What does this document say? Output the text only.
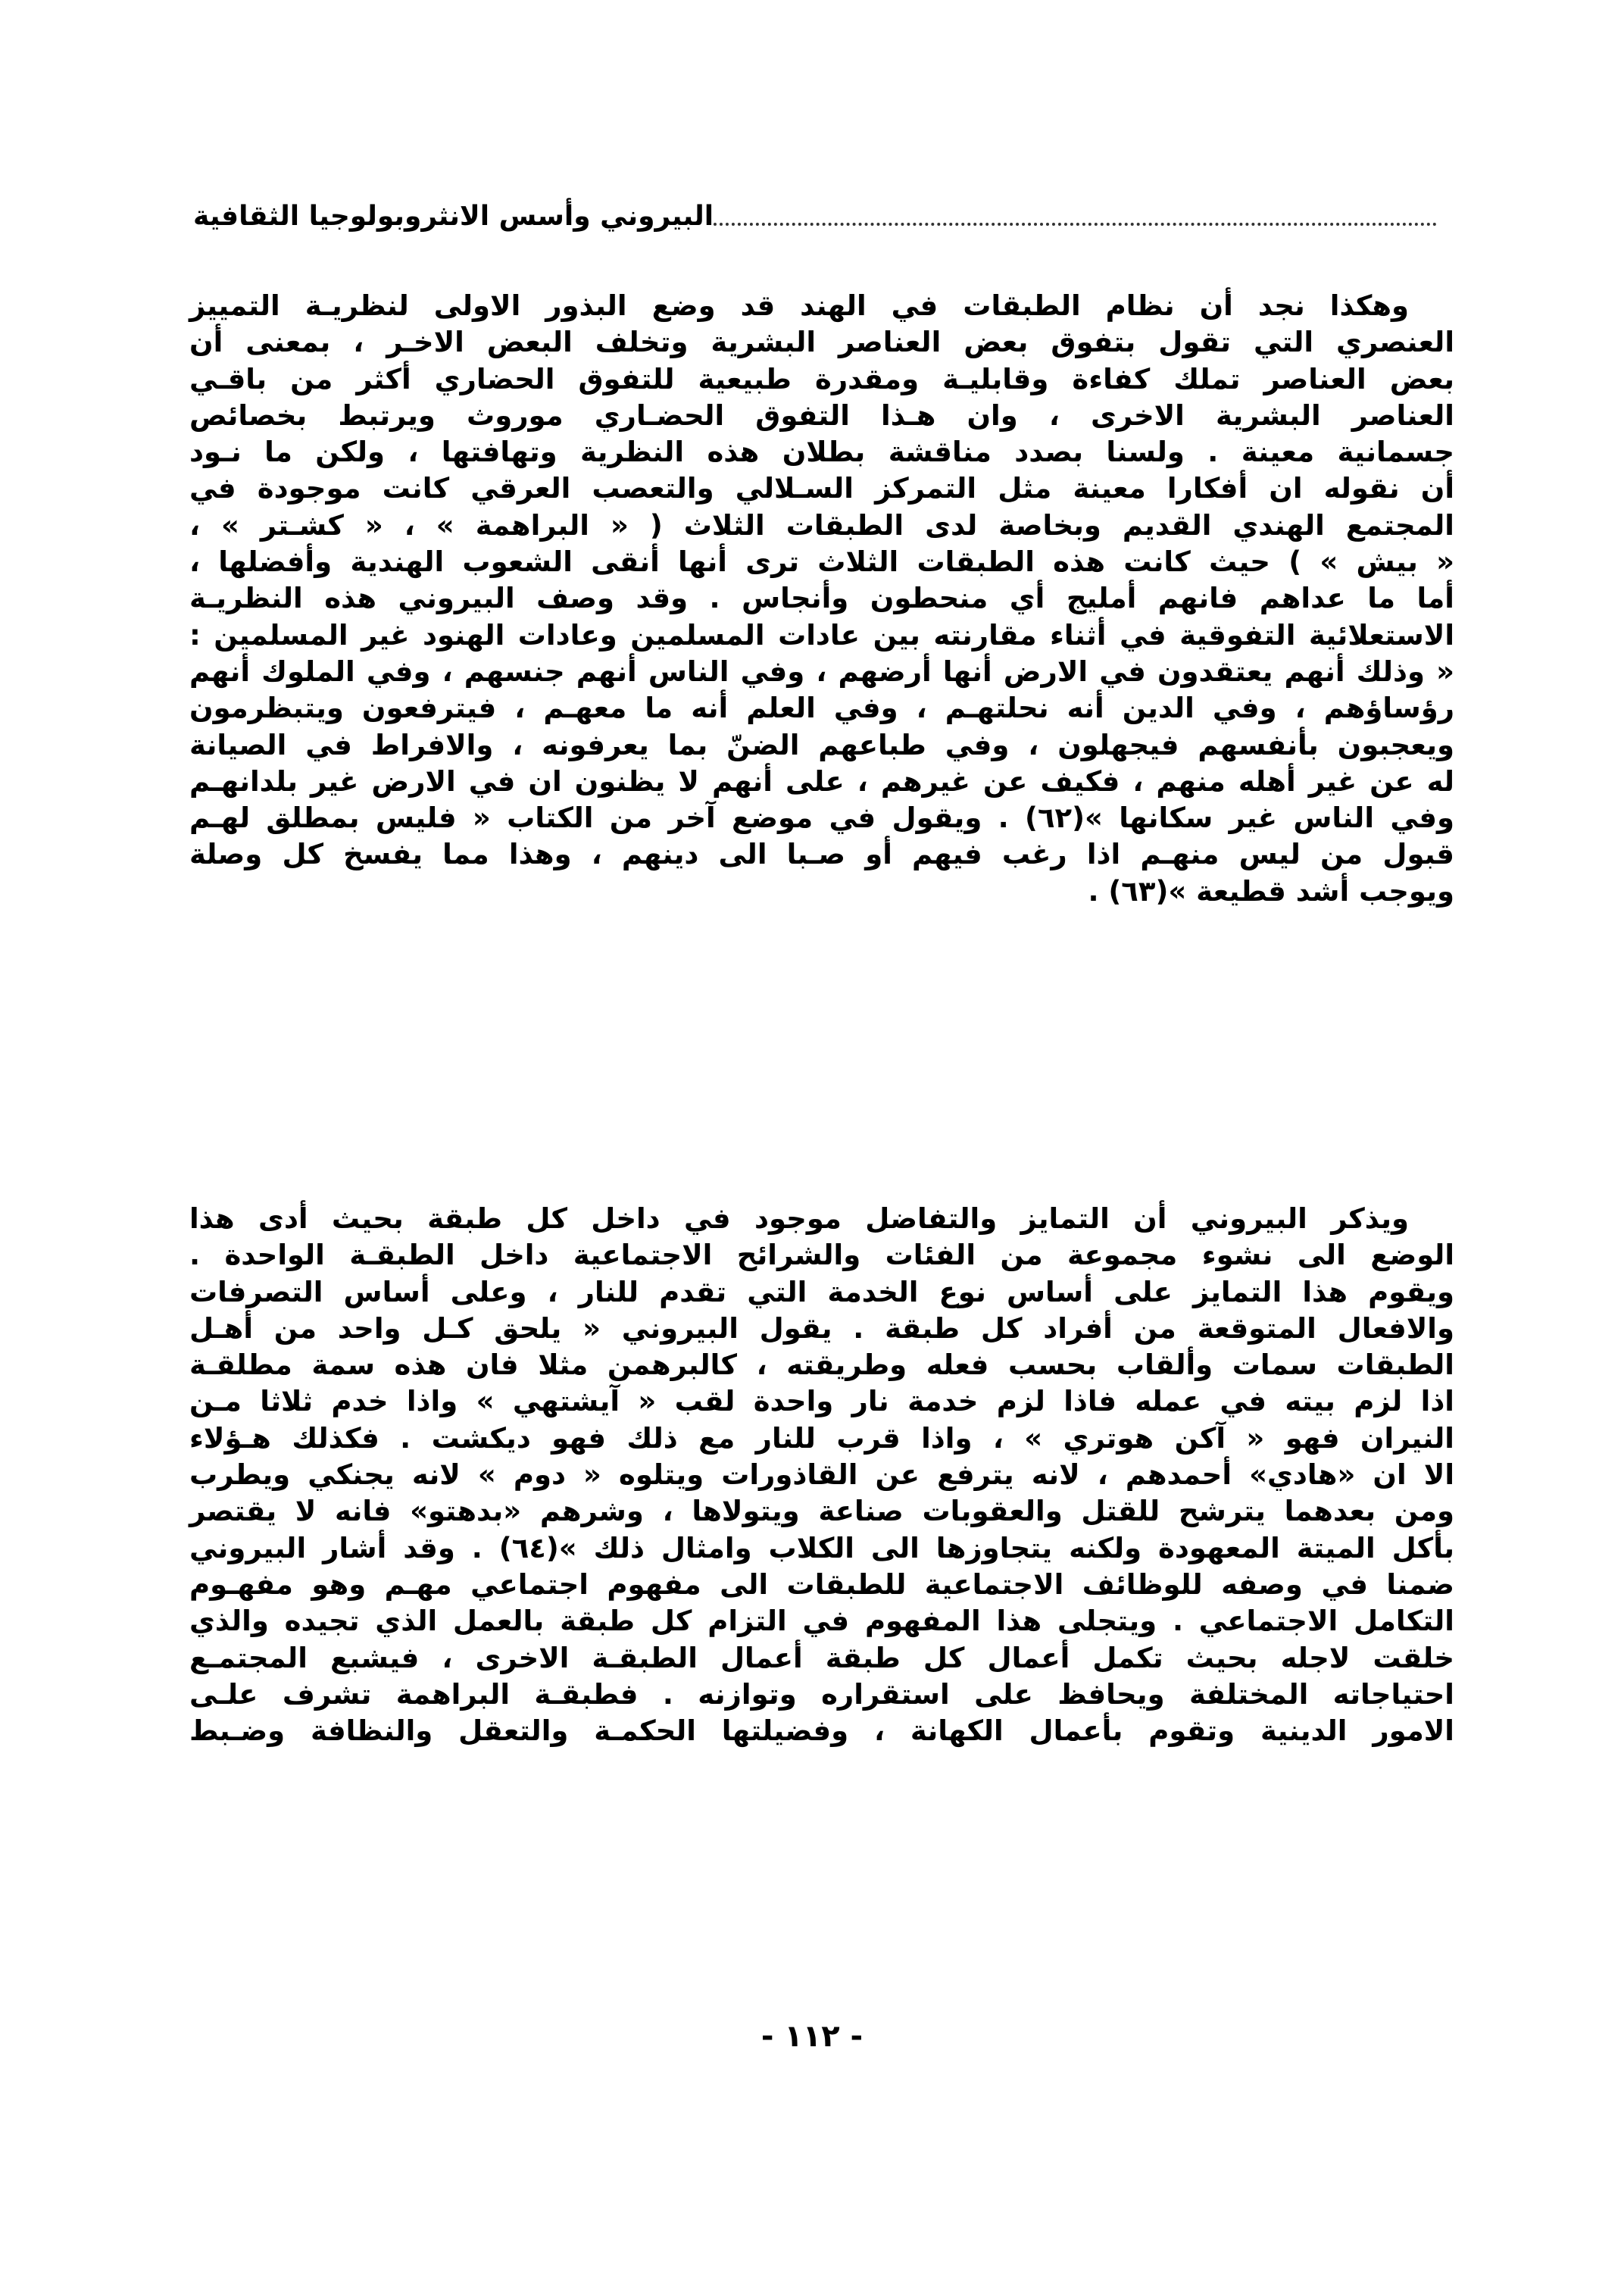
البيروني وأسس الانثروبولوجيا الثقافية
وهكذا نجد أن نظام الطبقات في الهند قد وضع البذور الاولى لنظريـة التمييز
العنصري التي تقول بتفوق بعض العناصر البشرية وتخلف البعض الاخـر ، بمعنى أن
بعض العناصر تملك كفاءة وقابليـة ومقدرة طبيعية للتفوق الحضاري أكثر من باقـي
العناصر البشرية الاخرى ، وان هـذا التفوق الحضـاري موروث ويرتبط بخصائص
جسمانية معينة . ولسنا بصدد مناقشة بطلان هذه النظرية وتهافتها ، ولكن ما نـود
أن نقوله ان أفكارا معينة مثل التمركز السـلالي والتعصب العرقي كانت موجودة في
المجتمع الهندي القديم وبخاصة لدى الطبقات الثلاث ( « البراهمة » ، « كشـتر » ،
« بيش » ) حيث كانت هذه الطبقات الثلاث ترى أنها أنقى الشعوب الهندية وأفضلها ،
أما ما عداهم فانهم أمليج أي منحطون وأنجاس . وقد وصف البيروني هذه النظريـة
الاستعلائية التفوقية في أثناء مقارنته بين عادات المسلمين وعادات الهنود غير المسلمين :
« وذلك أنهم يعتقدون في الارض أنها أرضهم ، وفي الناس أنهم جنسهم ، وفي الملوك أنهم
رؤساؤهم ، وفي الدين أنه نحلتهـم ، وفي العلم أنه ما معهـم ، فيترفعون ويتبظرمون
ويعجبون بأنفسهم فيجهلون ، وفي طباعهم الضنّ بما يعرفونه ، والافراط في الصيانة
له عن غير أهله منهم ، فكيف عن غيرهم ، على أنهم لا يظنون ان في الارض غير بلدانهـم
وفي الناس غير سكانها »(٦٢) . ويقول في موضع آخر من الكتاب « فليس بمطلق لهـم
قبول من ليس منهـم اذا رغب فيهم أو صـبا الى دينهم ، وهذا مما يفسخ كل وصلة
ويوجب أشد قطيعة »(٦٣) .
ويذكر البيروني أن التمايز والتفاضل موجود في داخل كل طبقة بحيث أدى هذا
الوضع الى نشوء مجموعة من الفئات والشرائح الاجتماعية داخل الطبقـة الواحدة .
ويقوم هذا التمايز على أساس نوع الخدمة التي تقدم للنار ، وعلى أساس التصرفات
والافعال المتوقعة من أفراد كل طبقة . يقول البيروني « يلحق كـل واحد من أهـل
الطبقات سمات وألقاب بحسب فعله وطريقته ، كالبرهمن مثلا فان هذه سمة مطلقـة
اذا لزم بيته في عمله فاذا لزم خدمة نار واحدة لقب « آيشتهي » واذا خدم ثلاثا مـن
النيران فهو « آكن هوتري » ، واذا قرب للنار مع ذلك فهو ديكشت . فكذلك هـؤلاء
الا ان «هادي» أحمدهم ، لانه يترفع عن القاذورات ويتلوه « دوم » لانه يجنكي ويطرب
ومن بعدهما يترشح للقتل والعقوبات صناعة ويتولاها ، وشرهم «بدهتو» فانه لا يقتصر
بأكل الميتة المعهودة ولكنه يتجاوزها الى الكلاب وامثال ذلك »(٦٤) . وقد أشار البيروني
ضمنا في وصفه للوظائف الاجتماعية للطبقات الى مفهوم اجتماعي مهـم وهو مفهـوم
التكامل الاجتماعي . ويتجلى هذا المفهوم في التزام كل طبقة بالعمل الذي تجيده والذي
خلقت لاجله بحيث تكمل أعمال كل طبقة أعمال الطبقـة الاخرى ، فيشبع المجتمـع
احتياجاته المختلفة ويحافظ على استقراره وتوازنه . فطبقـة البراهمة تشرف علـى
الامور الدينية وتقوم بأعمال الكهانة ، وفضيلتها الحكمـة والتعقل والنظافة وضـبط
- ١١٢ -
